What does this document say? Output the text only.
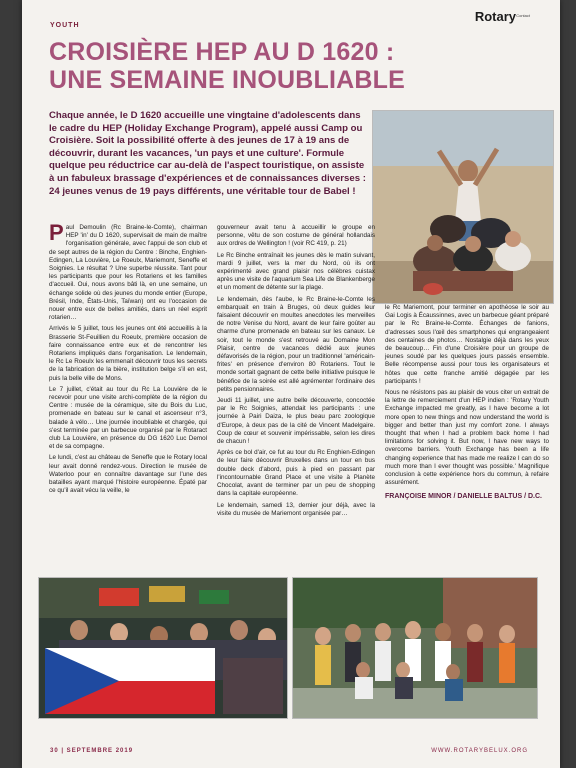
YOUTH
Rotary Contact
CROISIÈRE HEP AU D 1620 :
UNE SEMAINE INOUBLIABLE
Chaque année, le D 1620 accueille une vingtaine d'adolescents dans le cadre du HEP (Holiday Exchange Program), appelé aussi Camp ou Croisière. Soit la possibilité offerte à des jeunes de 17 à 19 ans de découvrir, durant les vacances, 'un pays et une culture'. Formule quelque peu réductrice car au-delà de l'aspect touristique, on assiste à un fabuleux brassage d'expériences et de connaissances diverses : 24 jeunes venus de 19 pays différents, une véritable tour de Babel !

Paul Demoulin (Rc Braine-le-Comte), chairman HEP 'in' du D 1620, supervisait de main de maître l'organisation générale, avec l'appui de son club et de sept autres de la région du Centre : Binche, Enghien-Edingen, La Louvière, Le Roeulx, Mariemont, Seneffe et Soignies. Le résultat ? Une superbe réussite. Tant pour les participants que pour les Rotariens et les familles d'accueil. Oui, nous avons bâti là, en une semaine, un échange solide où des jeunes du monde entier (Europe, Brésil, Inde, États-Unis, Taïwan) ont eu l'occasion de nouer entre eux de belles amitiés, dans un réel esprit rotarien…

Arrivés le 5 juillet, tous les jeunes ont été accueillis à la Brasserie St-Feuillien du Roeulx, première occasion de faire connaissance entre eux et de rencontrer les Rotariens impliqués dans l'organisation. Le lendemain, le Rc Le Roeulx les emmenait découvrir tous les secrets de la fabrication de la bière, institution belge s'il en est, puis la belle ville de Mons.

Le 7 juillet, c'était au tour du Rc La Louvière de le recevoir pour une visite archi-complète de la région du Centre : musée de la céramique, site du Bois du Luc, promenade en bateau sur le canal et ascenseur n°3, balade à vélo… Une journée inoubliable et chargée, qui s'est terminée par un barbecue organisé par le Rotaract club La Louvière, en présence du DG 1620 Luc Demol et de sa compagne.

Le lundi, c'est au château de Seneffe que le Rotary local leur avait donné rendez-vous. Direction le musée de Waterloo pour en connaître davantage sur l'une des batailles ayant marqué l'histoire européenne. Épaté par ce qu'il avait vécu la veille, le

gouverneur avait tenu à accueillir le groupe en personne, vêtu de son costume de général hollandais aux ordres de Wellington ! (voir RC 419, p. 21)

Le Rc Binche entraînait les jeunes dès le matin suivant, mardi 9 juillet, vers la mer du Nord, où ils ont expérimenté avec grand plaisir nos célèbres cuistax après une visite de l'aquarium Sea Life de Blankenberge et un moment de détente sur la plage.

Le lendemain, dès l'aube, le Rc Braine-le-Comte les embarquait en train à Bruges, où deux guides leur faisaient découvrir en moultes anecdotes les merveilles de notre Venise du Nord, avant de leur faire goûter au charme d'une promenade en bateau sur les canaux. Le soir, tout le monde s'est retrouvé au Domaine Mon Plaisir, centre de vacances dédié aux jeunes défavorisés de la région, pour un traditionnel 'américain-frites' en présence d'environ 80 Rotariens. Tout le monde sortait gagnant de cette belle initiative puisque le bénéfice de la soirée est allé agrémenter l'ordinaire des petits pensionnaires.

Jeudi 11 juillet, une autre belle découverte, concoctée par le Rc Soignies, attendait les participants : une journée à Pairi Daiza, le plus beau parc zoologique d'Europe, à deux pas de la cité de Vincent Madelgaire. Coup de cœur et souvenir impérissable, selon les dires de chacun !

Après ce bol d'air, ce fut au tour du Rc Enghien-Edingen de leur faire découvrir Bruxelles dans un tour en bus double deck d'abord, puis à pied en passant par l'incontournable Grand Place et une visite à Planète Chocolat, avant de terminer par un peu de shopping dans la capitale européenne.

Le lendemain, samedi 13, dernier jour déjà, avec la visite du musée de Mariemont organisée par…

le Rc Mariemont, pour terminer en apothéose le soir au Gai Logis à Écaussinnes, avec un barbecue géant préparé par le Rc Braine-le-Comte. Échanges de fanions, d'adresses sous l'œil des smartphones qui engrangeaient des centaines de photos… Nostalgie déjà dans les yeux de beaucoup… Fin d'une Croisière pour un groupe de jeunes soudé par les quelques jours passés ensemble. Belle récompense aussi pour tous les organisateurs et hôtes que cette franche amitié dégagée par les participants !

Nous ne résistons pas au plaisir de vous citer un extrait de la lettre de remerciement d'un HEP indien : 'Rotary Youth Exchange impacted me greatly, as I have become a lot more open to new things and now understand the world is bigger and better than just my comfort zone. I always thought that when I had a problem back home I had limitations for solving it. But now, I have new ways to overcome barriers. Youth Exchange has been a life changing experience that has made me realize I can do so much more than I ever thought was possible.' Magnifique conclusion à cette expérience hors du commun, à refaire assurément.

FRANÇOISE MINOR / DANIELLE BALTUS / D.C.
30 | SEPTEMBRE 2019	WWW.ROTARYBELUX.ORG
